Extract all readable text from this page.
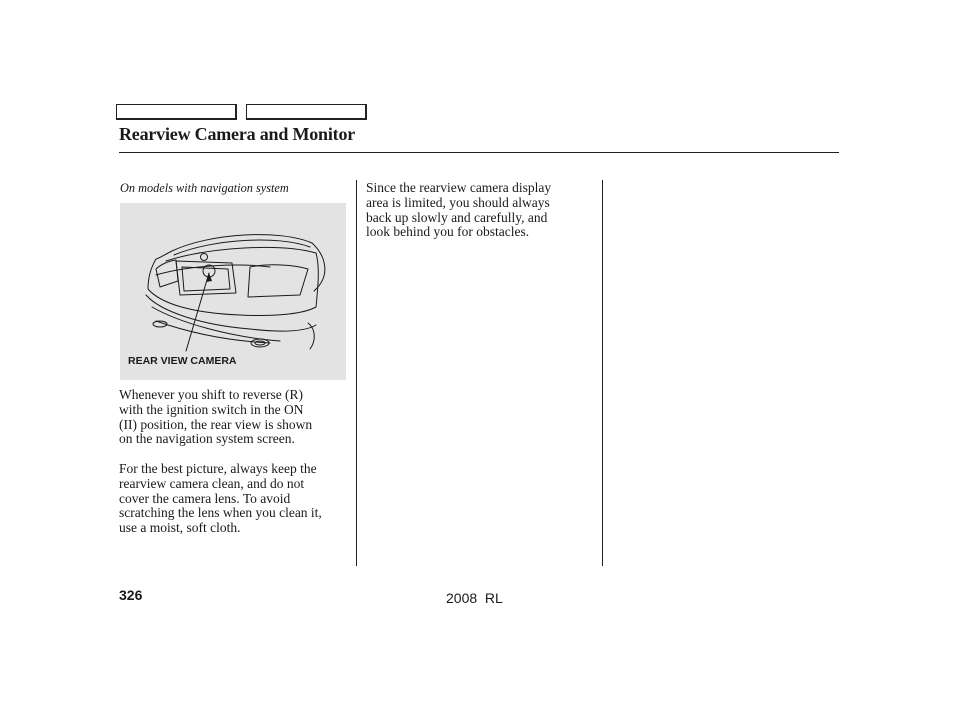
Rearview Camera and Monitor
On models with navigation system
REAR VIEW CAMERA
Whenever you shift to reverse (R)
with the ignition switch in the ON
(II) position, the rear view is shown
on the navigation system screen.
For the best picture, always keep the
rearview camera clean, and do not
cover the camera lens. To avoid
scratching the lens when you clean it,
use a moist, soft cloth.
Since the rearview camera display
area is limited, you should always
back up slowly and carefully, and
look behind you for obstacles.
326	2008  RL
